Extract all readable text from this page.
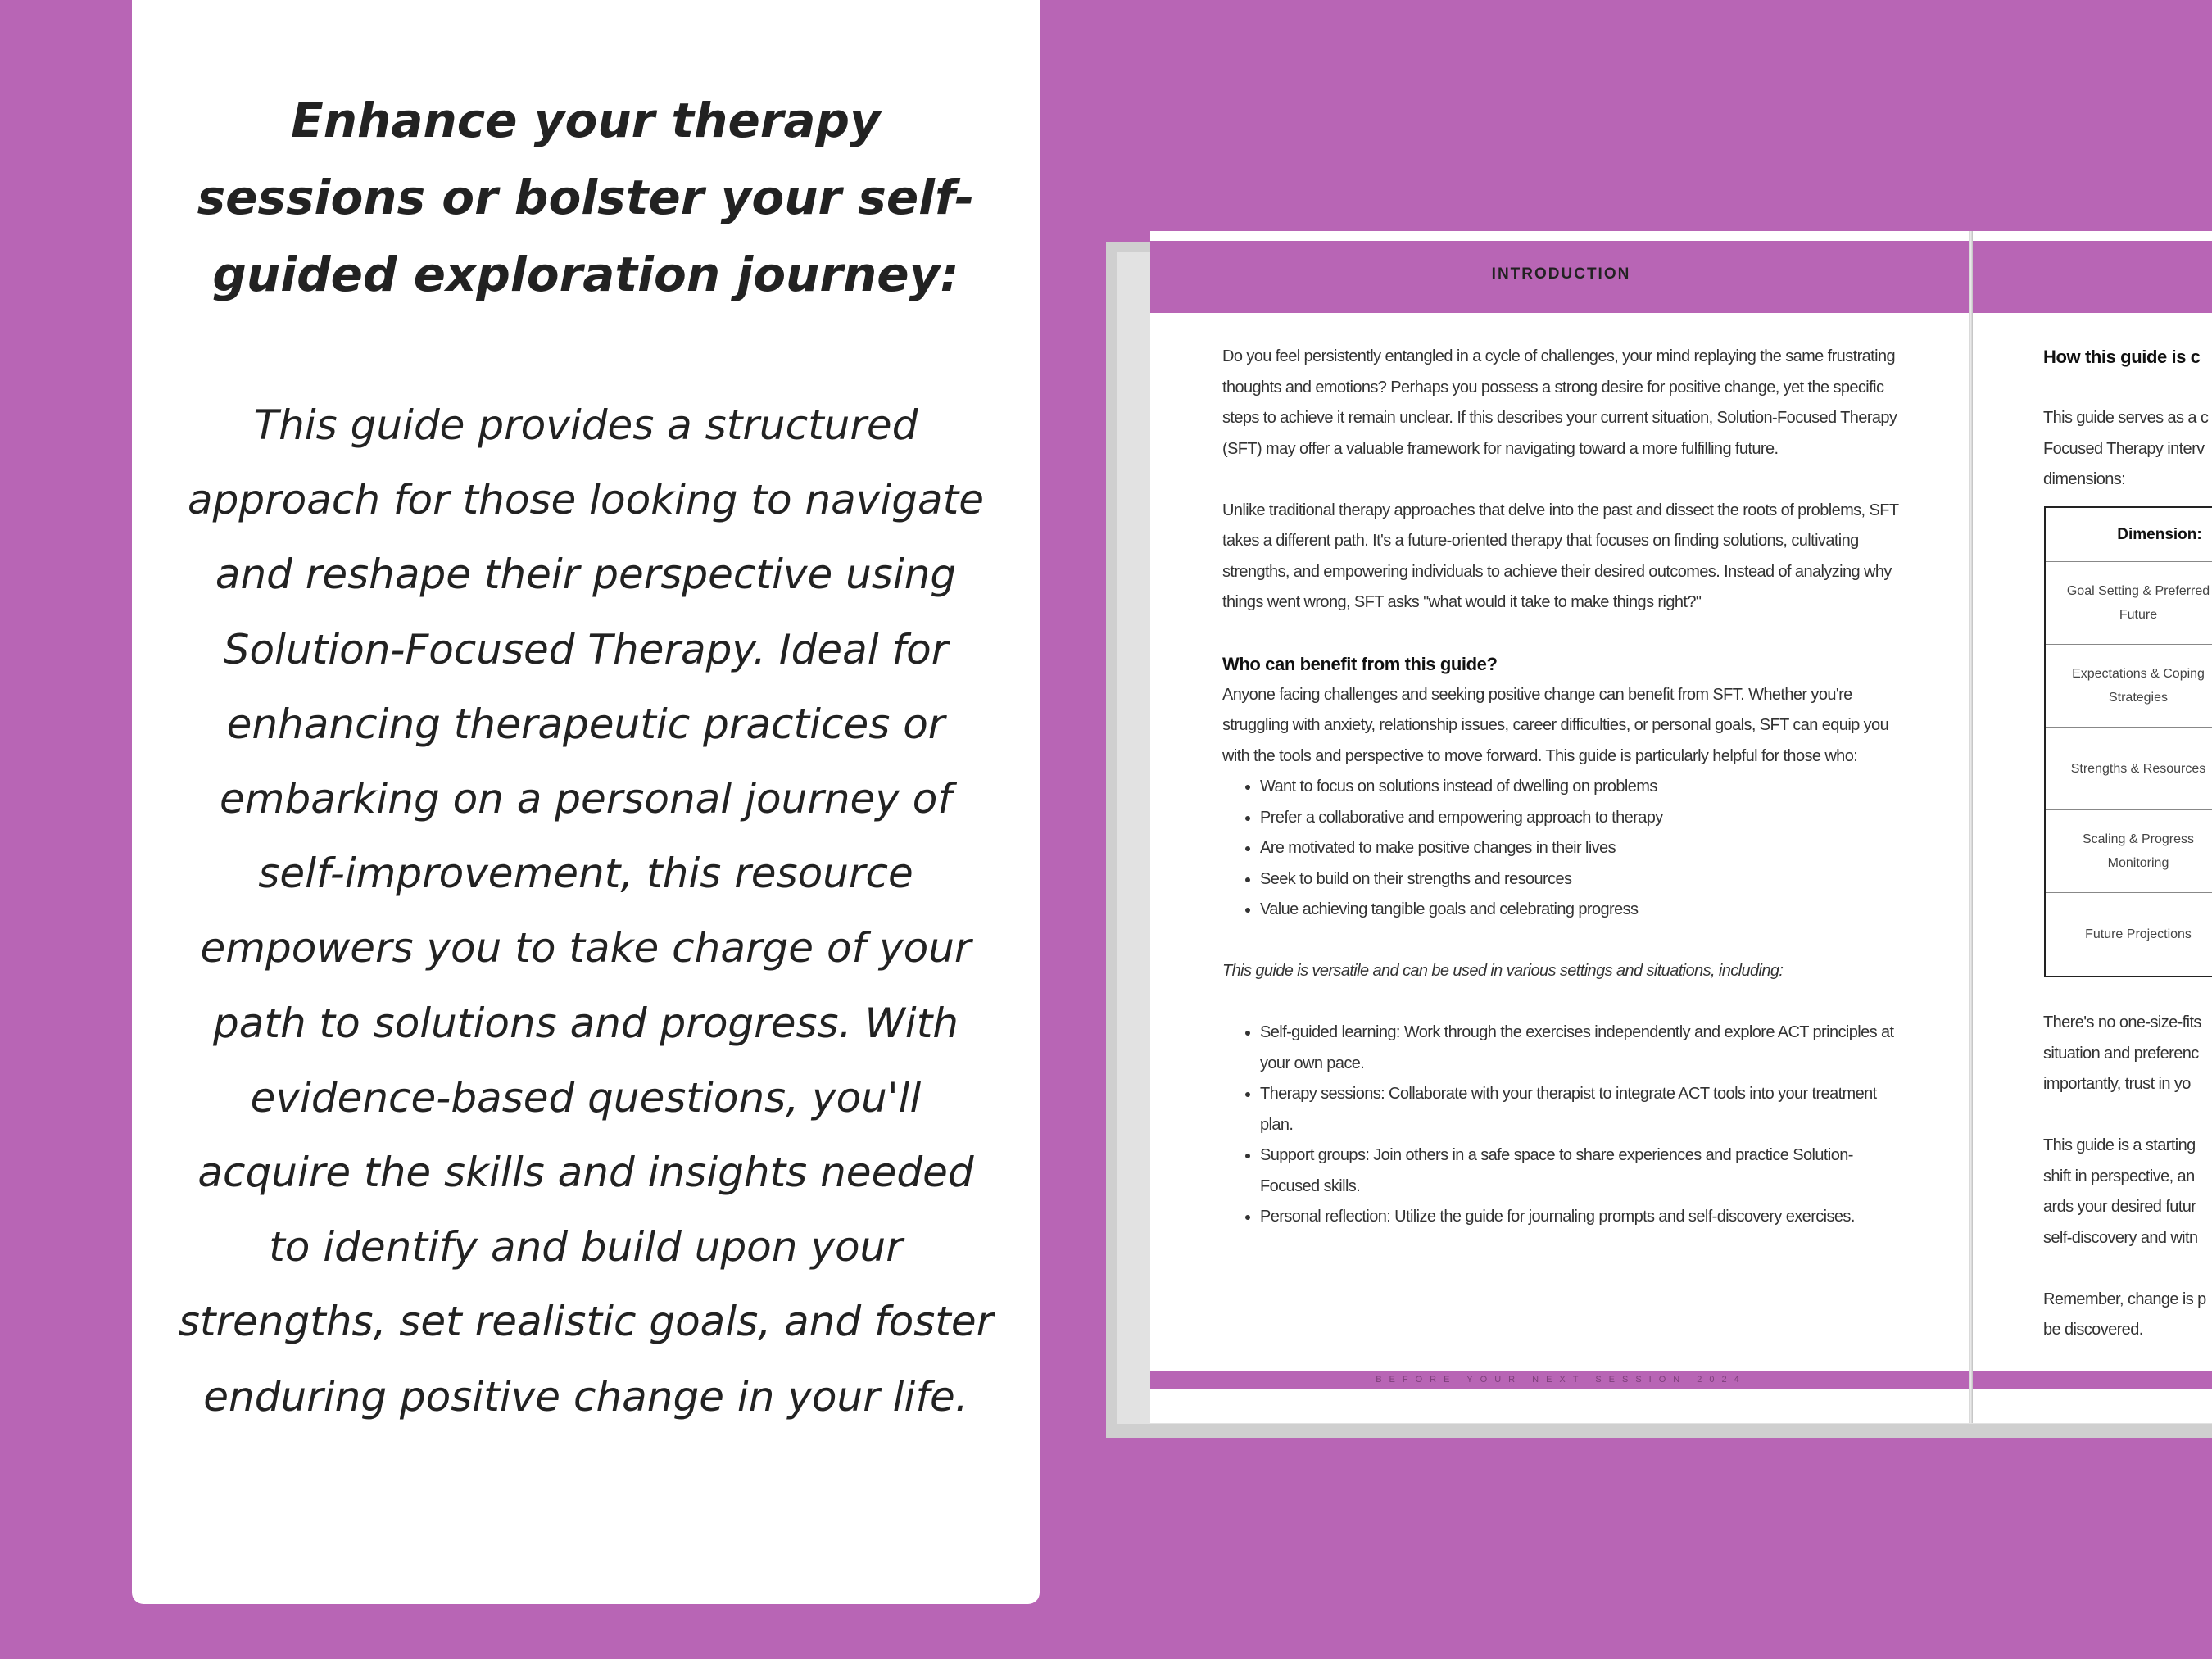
Enhance your therapy sessions or bolster your self-guided exploration journey:

This guide provides a structured approach for those looking to navigate and reshape their perspective using Solution-Focused Therapy. Ideal for enhancing therapeutic practices or embarking on a personal journey of self-improvement, this resource empowers you to take charge of your path to solutions and progress. With evidence-based questions, you'll acquire the skills and insights needed to identify and build upon your strengths, set realistic goals, and foster enduring positive change in your life.

INTRODUCTION

Do you feel persistently entangled in a cycle of challenges, your mind replaying the same frustrating thoughts and emotions? Perhaps you possess a strong desire for positive change, yet the specific steps to achieve it remain unclear. If this describes your current situation, Solution-Focused Therapy (SFT) may offer a valuable framework for navigating toward a more fulfilling future.

Unlike traditional therapy approaches that delve into the past and dissect the roots of problems, SFT takes a different path. It's a future-oriented therapy that focuses on finding solutions, cultivating strengths, and empowering individuals to achieve their desired outcomes. Instead of analyzing why things went wrong, SFT asks "what would it take to make things right?"

Who can benefit from this guide?

Anyone facing challenges and seeking positive change can benefit from SFT. Whether you're struggling with anxiety, relationship issues, career difficulties, or personal goals, SFT can equip you with the tools and perspective to move forward. This guide is particularly helpful for those who:

• Want to focus on solutions instead of dwelling on problems
• Prefer a collaborative and empowering approach to therapy
• Are motivated to make positive changes in their lives
• Seek to build on their strengths and resources
• Value achieving tangible goals and celebrating progress

This guide is versatile and can be used in various settings and situations, including:

• Self-guided learning: Work through the exercises independently and explore ACT principles at your own pace.
• Therapy sessions: Collaborate with your therapist to integrate ACT tools into your treatment plan.
• Support groups: Join others in a safe space to share experiences and practice Solution-Focused skills.
• Personal reflection: Utilize the guide for journaling prompts and self-discovery exercises.
BEFORE YOUR NEXT SESSION 2024
How this guide is c
This guide serves as a c
Focused Therapy interv
dimensions:
Dimension:
Goal Setting & Preferred Future
Expectations & Coping Strategies
Strengths & Resources
Scaling & Progress Monitoring
Future Projections

There's no one-size-fits
situation and preferenc
importantly, trust in yo

This guide is a starting
shift in perspective, an
ards your desired futur
self-discovery and witn

Remember, change is p
be discovered.
